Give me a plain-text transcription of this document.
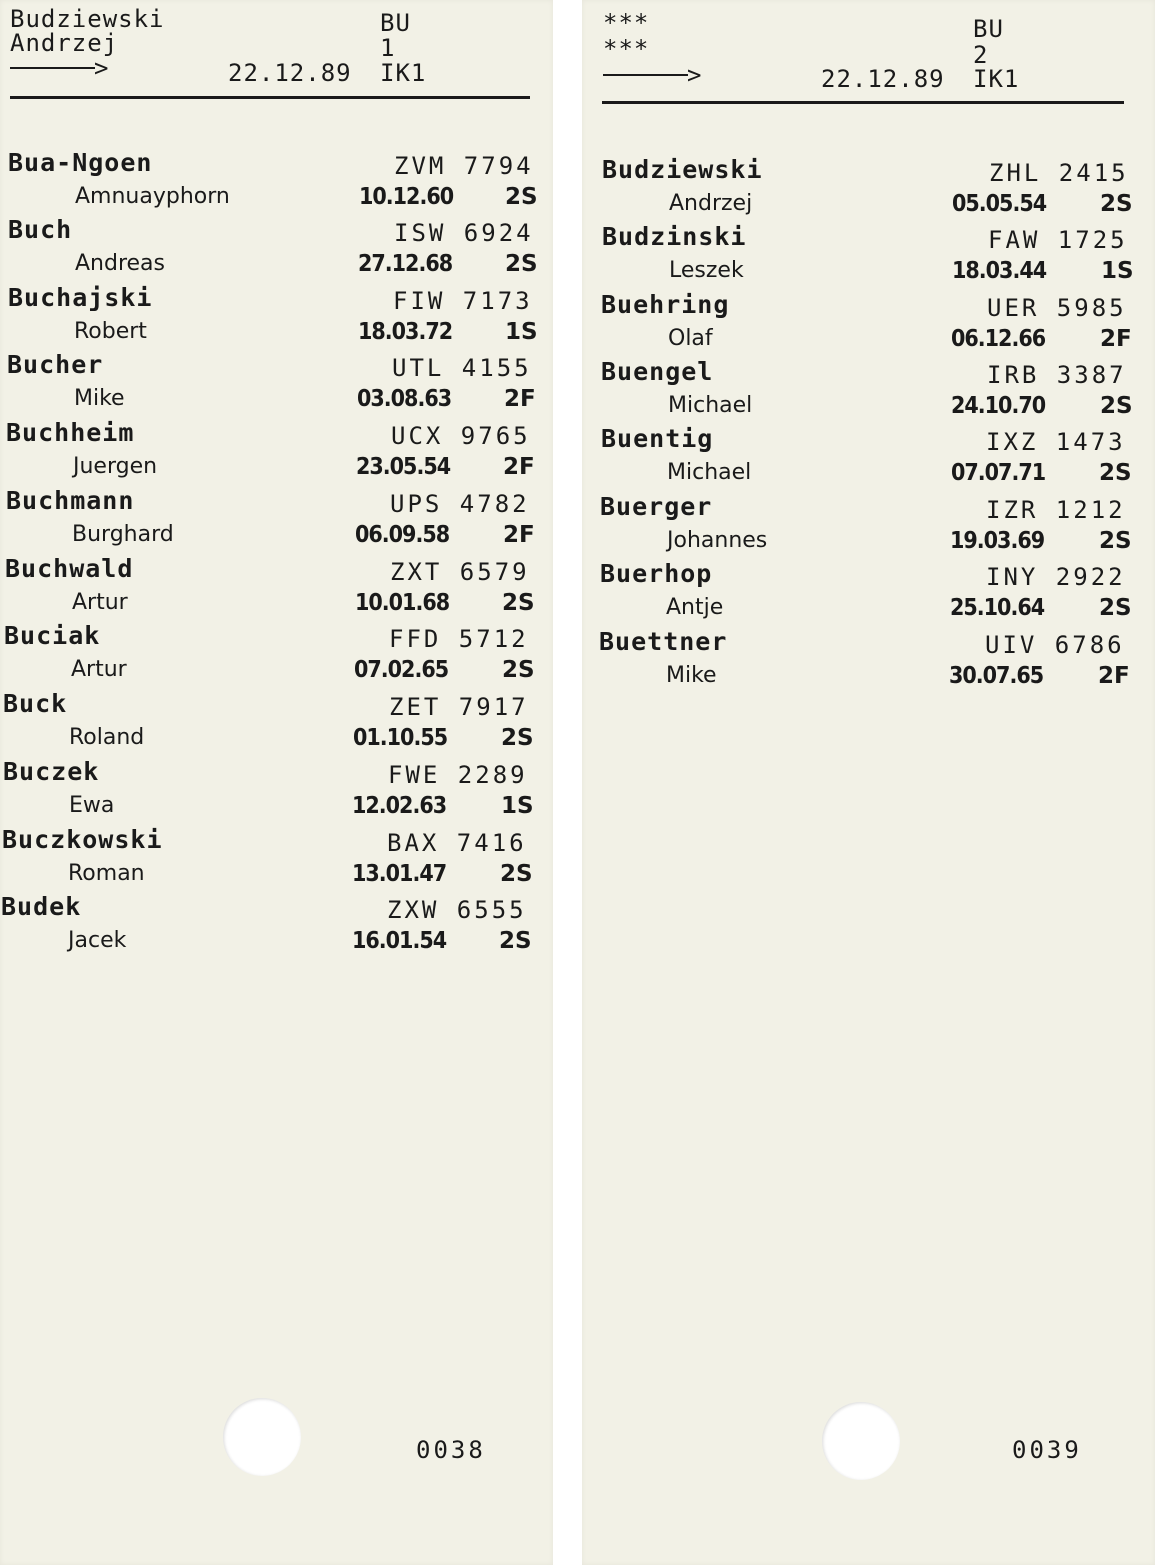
Budziewski
Andrzej
>
BU
1
22.12.89 IK1
Bua-Ngoen	ZVM 7794
Amnuayphorn	10.12.60 2S
Buch	ISW 6924
Andreas	27.12.68 2S
Buchajski	FIW 7173
Robert	18.03.72 1S
Bucher	UTL 4155
Mike	03.08.63 2F
Buchheim	UCX 9765
Juergen	23.05.54 2F
Buchmann	UPS 4782
Burghard	06.09.58 2F
Buchwald	ZXT 6579
Artur	10.01.68 2S
Buciak	FFD 5712
Artur	07.02.65 2S
Buck	ZET 7917
Roland	01.10.55 2S
Buczek	FWE 2289
Ewa	12.02.63 1S
Buczkowski	BAX 7416
Roman	13.01.47 2S
Budek	ZXW 6555
Jacek	16.01.54 2S
0038
***
***
>
BU
2
22.12.89 IK1
Budziewski	ZHL 2415
Andrzej	05.05.54 2S
Budzinski	FAW 1725
Leszek	18.03.44 1S
Buehring	UER 5985
Olaf	06.12.66 2F
Buengel	IRB 3387
Michael	24.10.70 2S
Buentig	IXZ 1473
Michael	07.07.71 2S
Buerger	IZR 1212
Johannes	19.03.69 2S
Buerhop	INY 2922
Antje	25.10.64 2S
Buettner	UIV 6786
Mike	30.07.65 2F
0039
